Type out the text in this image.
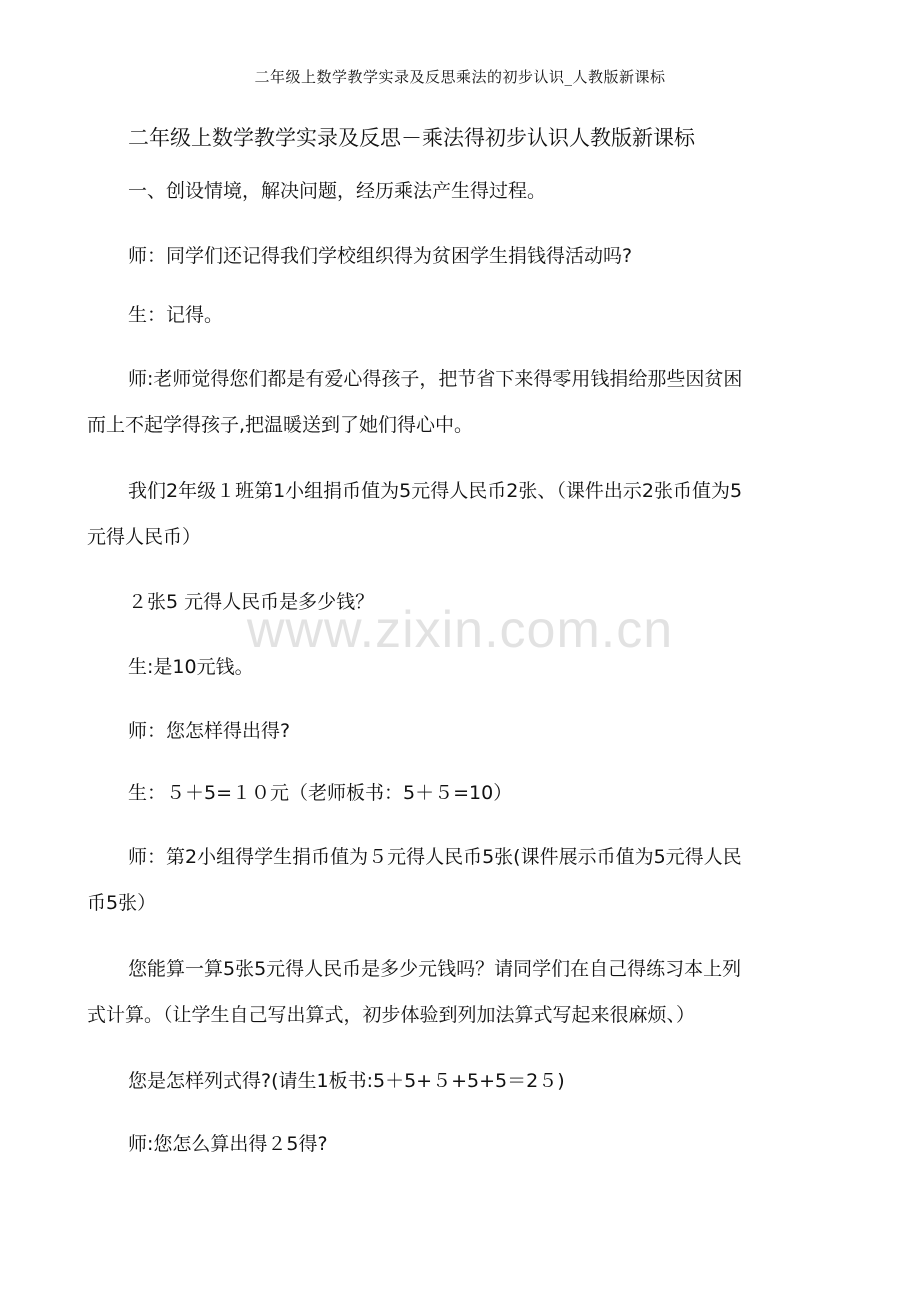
二年级上数学教学实录及反思乘法的初步认识_人教版新课标
二年级上数学教学实录及反思－乘法得初步认识人教版新课标
一、创设情境，解决问题，经历乘法产生得过程。
师：同学们还记得我们学校组织得为贫困学生捐钱得活动吗?
生：记得。
师:老师觉得您们都是有爱心得孩子，把节省下来得零用钱捐给那些因贫困
而上不起学得孩子,把温暖送到了她们得心中。
我们2年级１班第1小组捐币值为5元得人民币2张、（课件出示2张币值为5
元得人民币）
２张5 元得人民币是多少钱？
生:是10元钱。
师：您怎样得出得?
生：５＋5=１０元（老师板书：5＋５=10）
师：第2小组得学生捐币值为５元得人民币5张(课件展示币值为5元得人民
币5张）
您能算一算5张5元得人民币是多少元钱吗？请同学们在自己得练习本上列
式计算。（让学生自己写出算式，初步体验到列加法算式写起来很麻烦、）
您是怎样列式得?(请生1板书:5＋5+５+5+5＝2５)
师:您怎么算出得２5得?
www.zixin.com.cn
